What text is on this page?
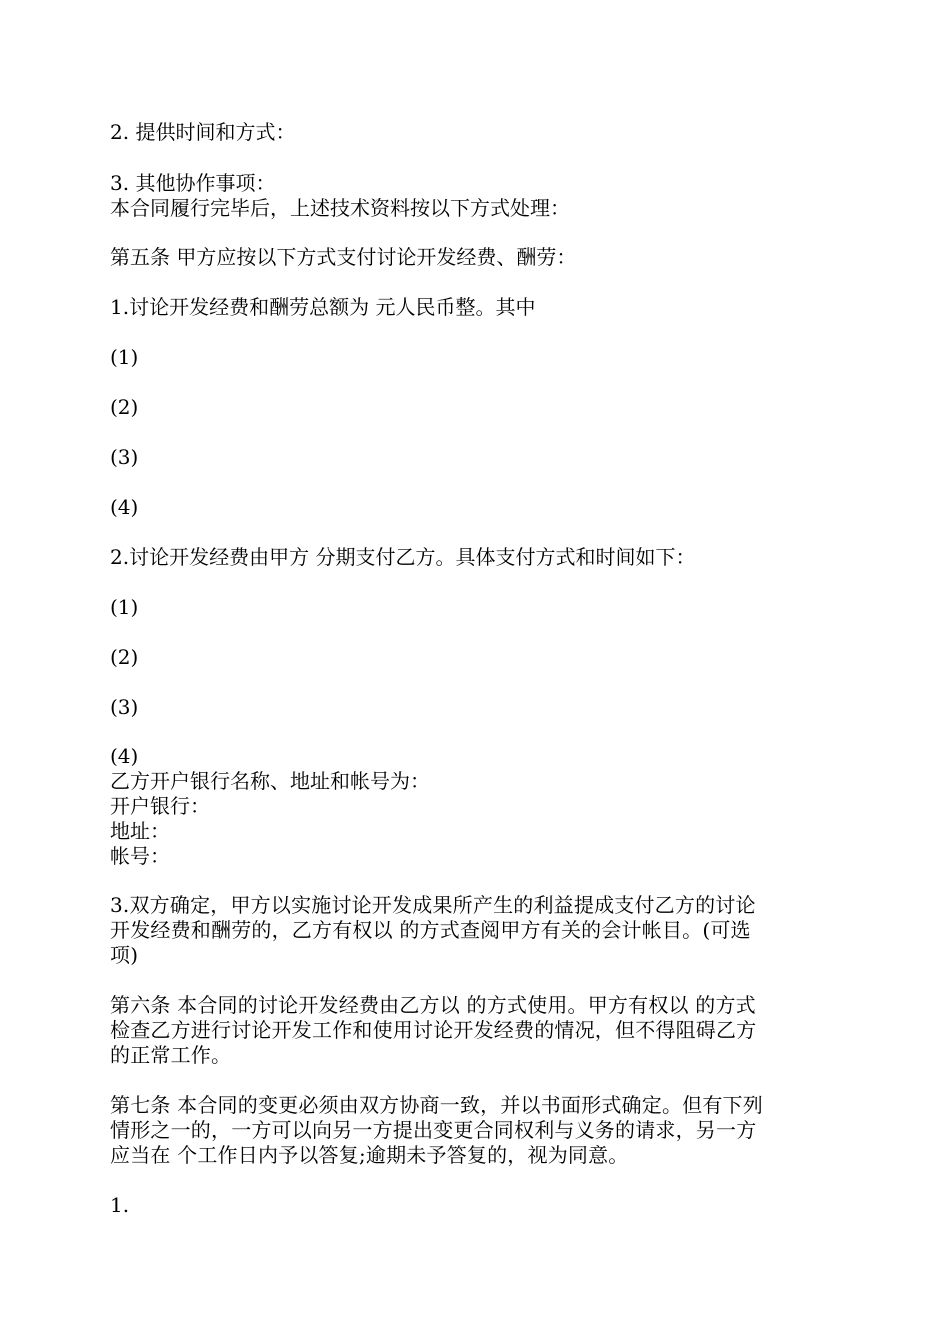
2. 提供时间和方式：

3. 其他协作事项：

本合同履行完毕后，上述技术资料按以下方式处理：

第五条 甲方应按以下方式支付讨论开发经费、酬劳：

1.讨论开发经费和酬劳总额为 元人民币整。其中

(1)

(2)

(3)

(4)

2.讨论开发经费由甲方 分期支付乙方。具体支付方式和时间如下：

(1)

(2)

(3)

(4)

乙方开户银行名称、地址和帐号为：

开户银行：

地址：

帐号：

3.双方确定，甲方以实施讨论开发成果所产生的利益提成支付乙方的讨论
开发经费和酬劳的，乙方有权以 的方式查阅甲方有关的会计帐目。(可选
项)

第六条 本合同的讨论开发经费由乙方以 的方式使用。甲方有权以 的方式
检查乙方进行讨论开发工作和使用讨论开发经费的情况，但不得阻碍乙方
的正常工作。

第七条 本合同的变更必须由双方协商一致，并以书面形式确定。但有下列
情形之一的，一方可以向另一方提出变更合同权利与义务的请求，另一方
应当在 个工作日内予以答复;逾期未予答复的，视为同意。

1.
